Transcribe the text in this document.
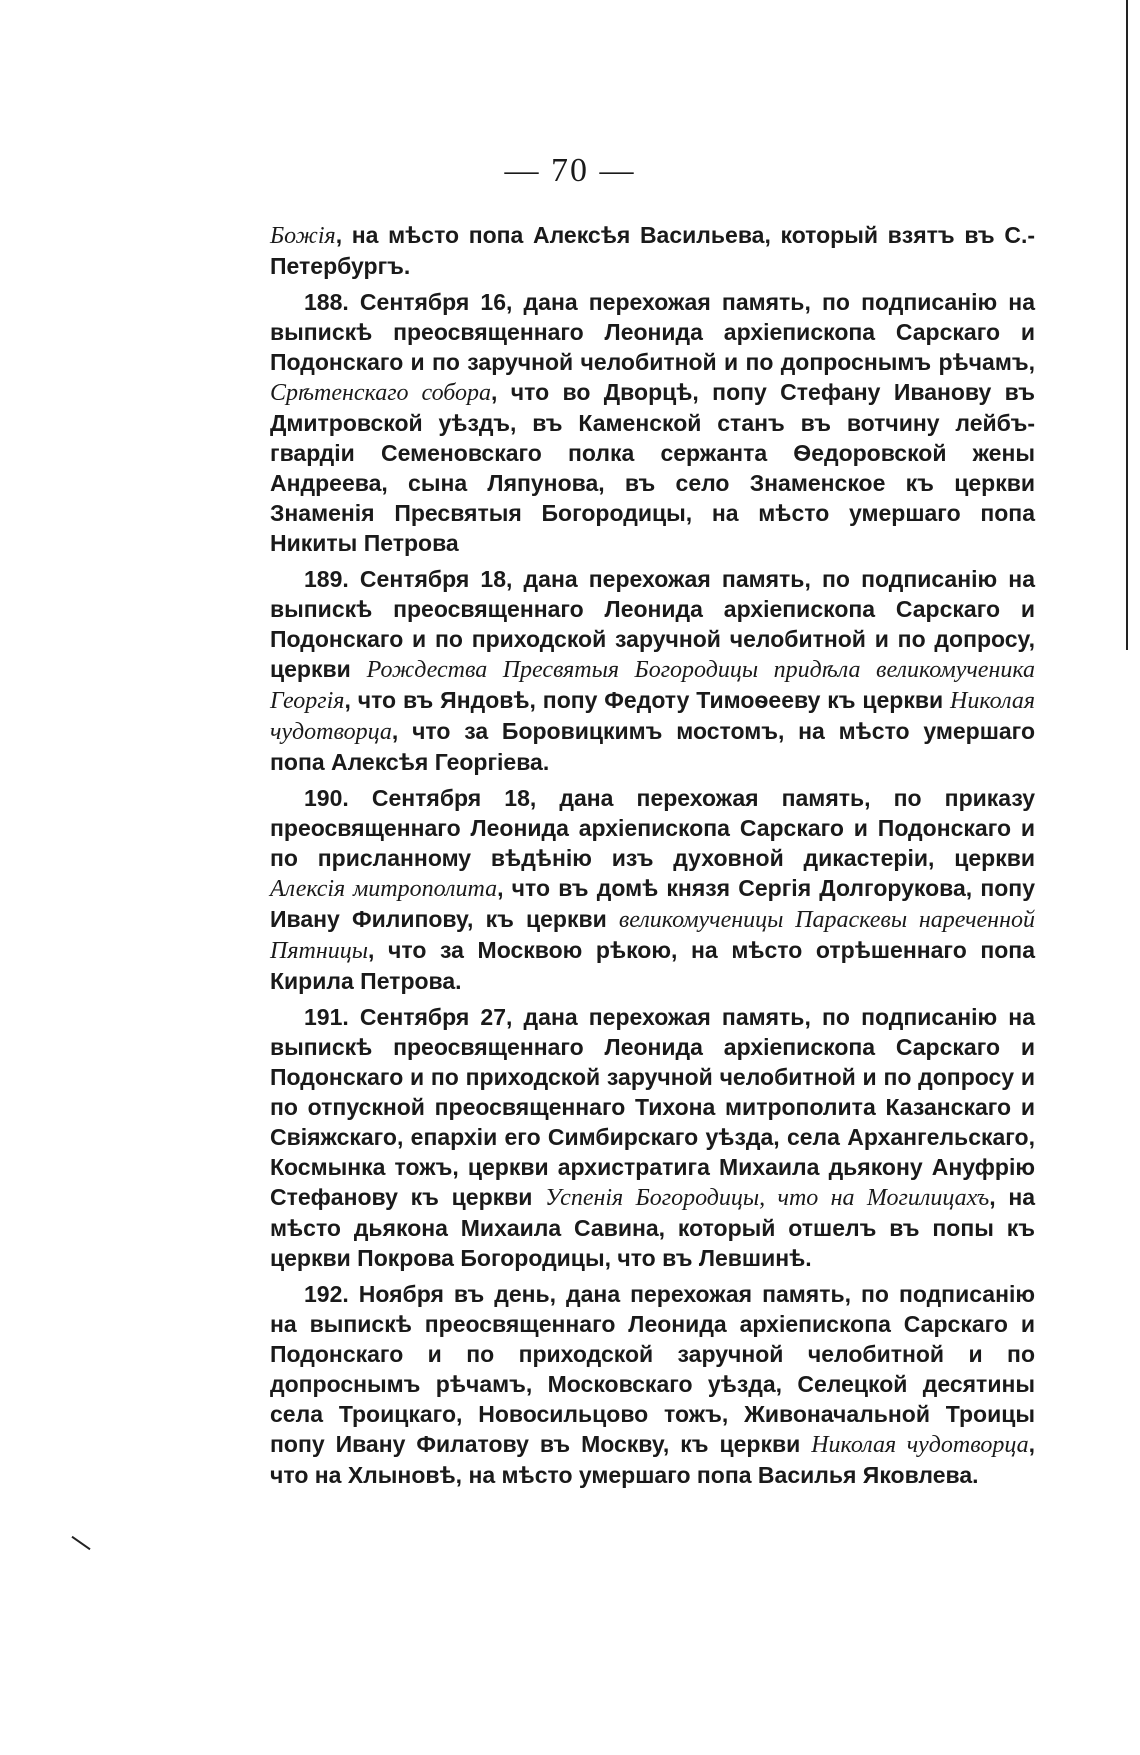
— 70 —

Божiя, на мѣсто попа Алексѣя Васильева, который взятъ въ С.-Петербургъ.

188. Сентября 16, дана перехожая память, по подписанiю на выпискѣ преосвященнаго Леонида архiепископа Сарскаго и Подонскаго и по заручной челобитной и по допроснымъ рѣчамъ, Срѣтенскаго собора, что во Дворцѣ, попу Стефану Иванову въ Дмитровской уѣздъ, въ Каменской станъ въ вотчину лейбъ-гвардiи Семеновскаго полка сержанта Ѳедоровской жены Андреева, сына Ляпунова, въ село Знаменское къ церкви Знаменiя Пресвятыя Богородицы, на мѣсто умершаго попа Никиты Петрова

189. Сентября 18, дана перехожая память, по подписанiю на выпискѣ преосвященнаго Леонида архiепископа Сарскаго и Подонскаго и по приходской заручной челобитной и по допросу, церкви Рождества Пресвятыя Богородицы придѣла великомученика Георгiя, что въ Яндовѣ, попу Федоту Тимоѳееву къ церкви Николая чудотворца, что за Боровицкимъ мостомъ, на мѣсто умершаго попа Алексѣя Георгiева.

190. Сентября 18, дана перехожая память, по приказу преосвященнаго Леонида архiепископа Сарскаго и Подонскаго и по присланному вѣдѣнiю изъ духовной дикастерiи, церкви Алексiя митрополита, что въ домѣ князя Сергiя Долгорукова, попу Ивану Филипову, къ церкви великомученицы Параскевы нареченной Пятницы, что за Москвою рѣкою, на мѣсто отрѣшеннаго попа Кирила Петрова.

191. Сентября 27, дана перехожая память, по подписанiю на выпискѣ преосвященнаго Леонида архiепископа Сарскаго и Подонскаго и по приходской заручной челобитной и по допросу и по отпускной преосвященнаго Тихона митрополита Казанскаго и Свiяжскаго, епархiи его Симбирскаго уѣзда, села Архангельскаго, Космынка тожъ, церкви архистратига Михаила дьякону Ануфрiю Стефанову къ церкви Успенiя Богородицы, что на Могилицахъ, на мѣсто дьякона Михаила Савина, который отшелъ въ попы къ церкви Покрова Богородицы, что въ Левшинѣ.

192. Ноября въ день, дана перехожая память, по подписанiю на выпискѣ преосвященнаго Леонида архiепископа Сарскаго и Подонскаго и по приходской заручной челобитной и по допроснымъ рѣчамъ, Московскаго уѣзда, Селецкой десятины села Троицкаго, Новосильцово тожъ, Живоначальной Троицы попу Ивану Филатову въ Москву, къ церкви Николая чудотворца, что на Хлыновѣ, на мѣсто умершаго попа Василья Яковлева.
